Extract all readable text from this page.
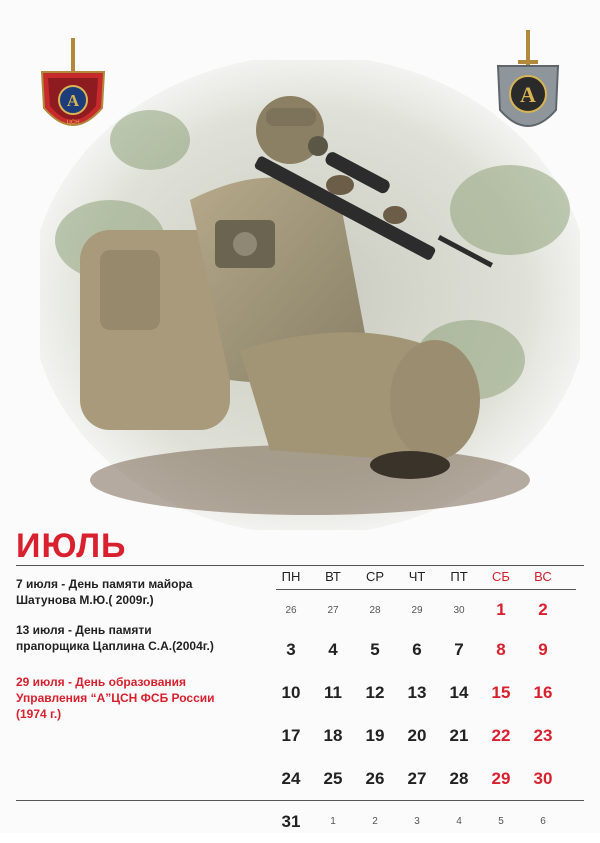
А
ЦСН
А
ИЮЛЬ
7 июля - День памяти майора
Шатунова М.Ю.( 2009г.)
13 июля - День памяти
прапорщика Цаплина С.А.(2004г.)
29 июля - День образования
Управления “А”ЦСН ФСБ России
(1974 г.)
ПН	ВТ	СР	ЧТ	ПТ	СБ	ВС
26	27	28	29	30	1	2
3	4	5	6	7	8	9
10	11	12	13	14	15	16
17	18	19	20	21	22	23
24	25	26	27	28	29	30
31	1	2	3	4	5	6
